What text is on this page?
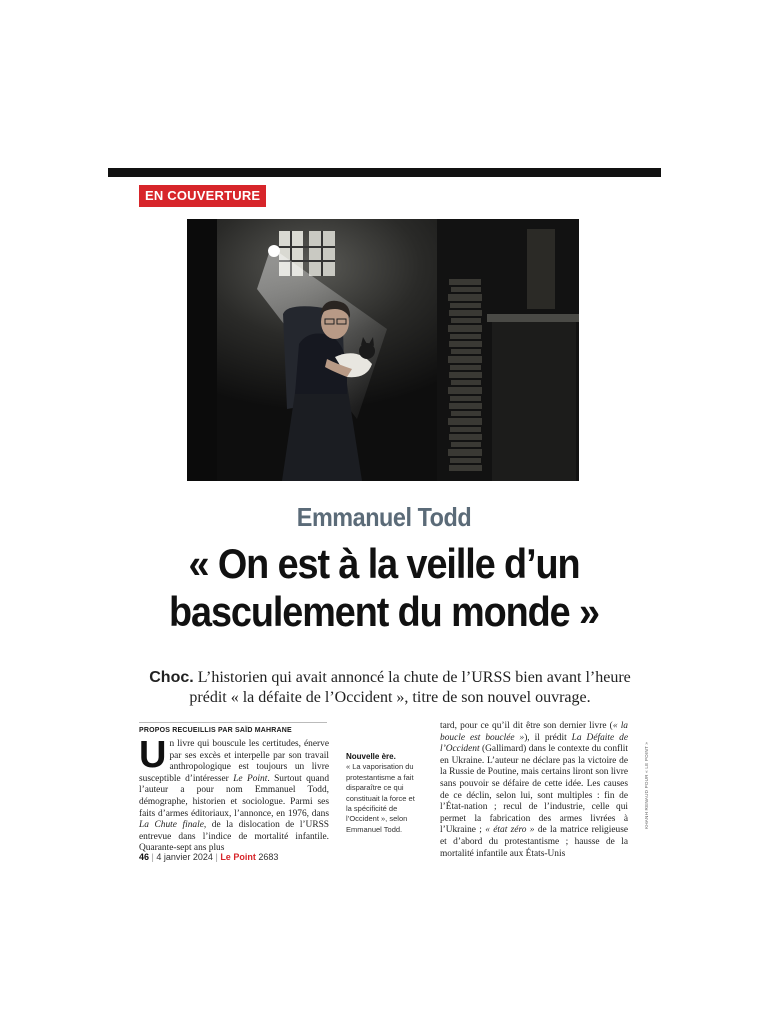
EN COUVERTURE
Emmanuel Todd
« On est à la veille d’un
basculement du monde »

Choc. L’historien qui avait annoncé la chute de l’URSS bien avant l’heure prédit « la défaite de l’Occident », titre de son nouvel ouvrage.

PROPOS RECUEILLIS PAR SAÏD MAHRANE
Un livre qui bouscule les certitudes, énerve par ses excès et interpelle par son travail anthropologique est toujours un livre susceptible d’intéresser Le Point. Surtout quand l’auteur a pour nom Emmanuel Todd, démographe, historien et sociologue. Parmi ses faits d’armes éditoriaux, l’annonce, en 1976, dans La Chute finale, de la dislocation de l’URSS entrevue dans l’indice de mortalité infantile. Quarante-sept ans plus
Nouvelle ère.
« La vaporisation du protestantisme a fait disparaître ce qui constituait la force et la spécificité de l’Occident », selon Emmanuel Todd.
tard, pour ce qu’il dit être son dernier livre (« la boucle est bouclée »), il prédit La Défaite de l’Occident (Gallimard) dans le contexte du conflit en Ukraine. L’auteur ne déclare pas la victoire de la Russie de Poutine, mais certains liront son livre sans pouvoir se défaire de cette idée. Les causes de ce déclin, selon lui, sont multiples : fin de l’État-nation ; recul de l’industrie, celle qui permet la fabrication des armes livrées à l’Ukraine ; « état zéro » de la matrice religieuse et d’abord du protestantisme ; hausse de la mortalité infantile aux États-Unis
KHANH RENAUD POUR « LE POINT »
46 | 4 janvier 2024 | Le Point 2683
